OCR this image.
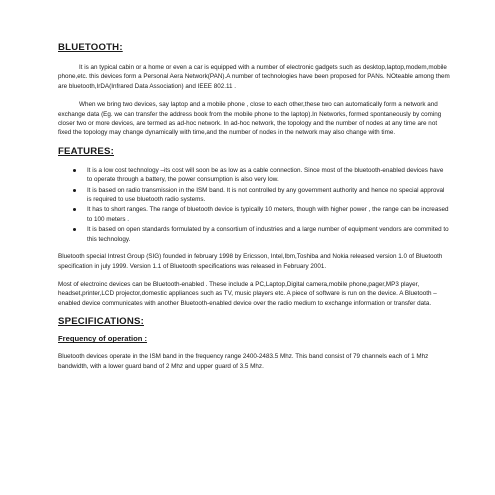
BLUETOOTH:

It is an typical cabin or a home or even a car is equipped with a number of electronic gadgets such as desktop,laptop,modem,mobile phone,etc. this devices form a Personal Aera Network(PAN).A number of technologies have been proposed for PANs. NOteable among them are bluetooth,IrDA(Infrared Data Association) and IEEE 802.11 .

When we bring two devices, say laptop and a mobile phone , close to each other,these two can automatically form a network and exchange data (Eg. we can transfer the address book from the mobile phone to the laptop).In Networks, formed spontaneously by coming closer two or more devices, are termed as ad-hoc network. In ad-hoc network, the topology and the number of nodes at any time are not fixed the topology may change dynamically with time,and the number of nodes in the network may also change with time.

FEATURES:
It is a low cost technology –its cost will soon be as low as a cable connection. Since most of the bluetooth-enabled devices have to operate through a battery, the power consumption is also very low.
It is based on radio transmission in the ISM band. It is not controlled by any government authority and hence no special approval is required to use bluetooth radio systems.
It has to short ranges. The range of bluetooth device is typically 10 meters, though with higher power , the range can be increased to 100 meters .
It is based on open standards formulated by a consortium of industries and a large number of equipment vendors are commited to this technology.

Bluetooth special Intrest Group (SIG) founded in february 1998 by Ericsson, Intel,Ibm,Toshiba and Nokia released version 1.0 of Bluetooth specification in july 1999. Version 1.1 of Bluetooth specifications was released in February 2001.

Most of electroinc devices can be Bluetooth-enabled . These include a PC,Laptop,Digital camera,mobile phone,pager,MP3 player, headset,printer,LCD projector,domestic appliances such as TV, music players etc. A piece of software is run on the device. A Bluetooth –enabled device communicates with another Bluetooth-enabled device over the radio medium to exchange information or transfer data.

SPECIFICATIONS:
Frequency of operation :

Bluetooth devices operate in the ISM band in the frequency range 2400-2483.5 Mhz. This band consist of 79 channels each of 1 Mhz bandwidth, with a lower guard band of 2 Mhz and upper guard of 3.5 Mhz.
